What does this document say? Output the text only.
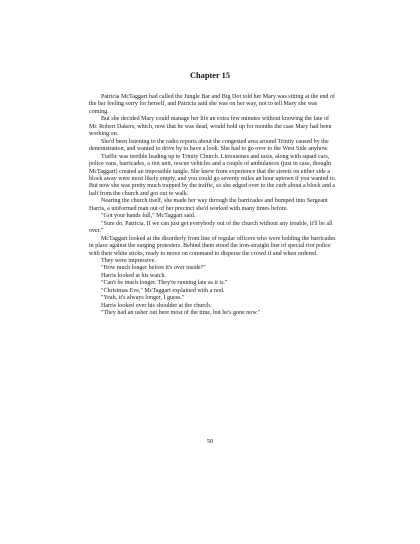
Chapter 15

Patricia McTaggart had called the Jungle Bar and Big Dot told her Mary was sitting at the end of the bar feeling sorry for herself, and Patricia said she was on her way, not to tell Mary she was coming.

But she decided Mary could manage her life an extra few minutes without knowing the fate of Mr. Robert Dakers, which, now that he was dead, would hold up for months the case Mary had been working on.

She'd been listening to the radio reports about the congested area around Trinity caused by the demonstration, and wanted to drive by to have a look. She had to go over to the West Side anyhow.

Traffic was terrible leading up to Trinity Church. Limousines and taxis, along with squad cars, police vans, barricades, a riot unit, rescue vehicles and a couple of ambulances (just in case, thought McTaggart) created an impossible tangle. She knew from experience that the streets on either side a block away were most likely empty, and you could go seventy miles an hour uptown if you wanted to. But now she was pretty much trapped by the traffic, so she edged over to the curb about a block and a half from the church and got out to walk.

Nearing the church itself, she made her way through the barricades and bumped into Sergeant Harris, a uniformed man out of her precinct she'd worked with many times before.

"Got your hands full," McTaggart said.

"Sure do, Patricia. If we can just get everybody out of the church without any trouble, it'll be all over."

McTaggart looked at the disorderly front line of regular officers who were holding the barricades in place against the surging protesters. Behind them stood the iron-straight line of special riot police with their white sticks, ready to move on command to disperse the crowd if and when ordered.

They were impressive.

"How much longer before it's over inside?"

Harris looked at his watch.

"Can't be much longer. They're running late as it is."

"Christmas Eve," McTaggart explained with a nod.

"Yeah, it's always longer, I guess."

Harris looked over his shoulder at the church.

"They had an usher out here most of the time, but he's gone now."

50
